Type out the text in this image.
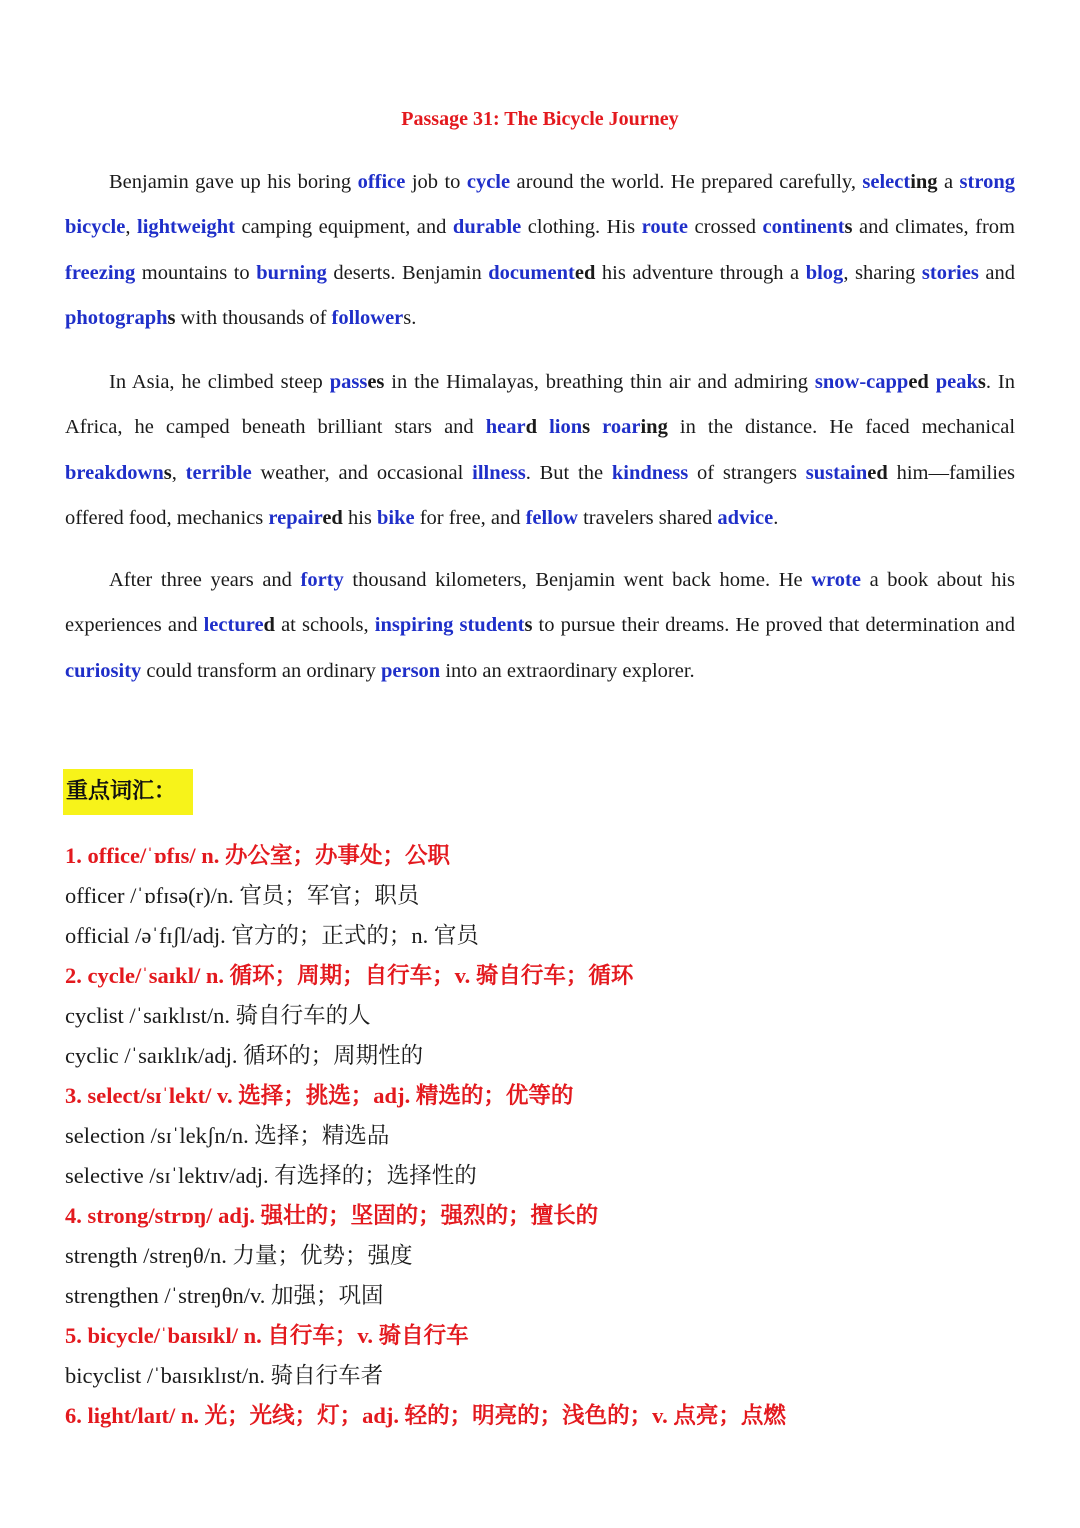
Passage 31: The Bicycle Journey

Benjamin gave up his boring office job to cycle around the world. He prepared carefully, selecting a strong bicycle, lightweight camping equipment, and durable clothing. His route crossed continents and climates, from freezing mountains to burning deserts. Benjamin documented his adventure through a blog, sharing stories and photographs with thousands of followers.

In Asia, he climbed steep passes in the Himalayas, breathing thin air and admiring snow-capped peaks. In Africa, he camped beneath brilliant stars and heard lions roaring in the distance. He faced mechanical breakdowns, terrible weather, and occasional illness. But the kindness of strangers sustained him—families offered food, mechanics repaired his bike for free, and fellow travelers shared advice.

After three years and forty thousand kilometers, Benjamin went back home. He wrote a book about his experiences and lectured at schools, inspiring students to pursue their dreams. He proved that determination and curiosity could transform an ordinary person into an extraordinary explorer.

重点词汇：
1. office/ˈɒfɪs/ n. 办公室；办事处；公职
officer /ˈɒfɪsə(r)/n. 官员；军官；职员
official /əˈfɪʃl/adj. 官方的；正式的；n. 官员
2. cycle/ˈsaɪkl/ n. 循环；周期；自行车；v. 骑自行车；循环
cyclist /ˈsaɪklɪst/n. 骑自行车的人
cyclic /ˈsaɪklɪk/adj. 循环的；周期性的
3. select/sɪˈlekt/ v. 选择；挑选；adj. 精选的；优等的
selection /sɪˈlekʃn/n. 选择；精选品
selective /sɪˈlektɪv/adj. 有选择的；选择性的
4. strong/strɒŋ/ adj. 强壮的；坚固的；强烈的；擅长的
strength /streŋθ/n. 力量；优势；强度
strengthen /ˈstreŋθn/v. 加强；巩固
5. bicycle/ˈbaɪsɪkl/ n. 自行车；v. 骑自行车
bicyclist /ˈbaɪsɪklɪst/n. 骑自行车者
6. light/laɪt/ n. 光；光线；灯；adj. 轻的；明亮的；浅色的；v. 点亮；点燃
